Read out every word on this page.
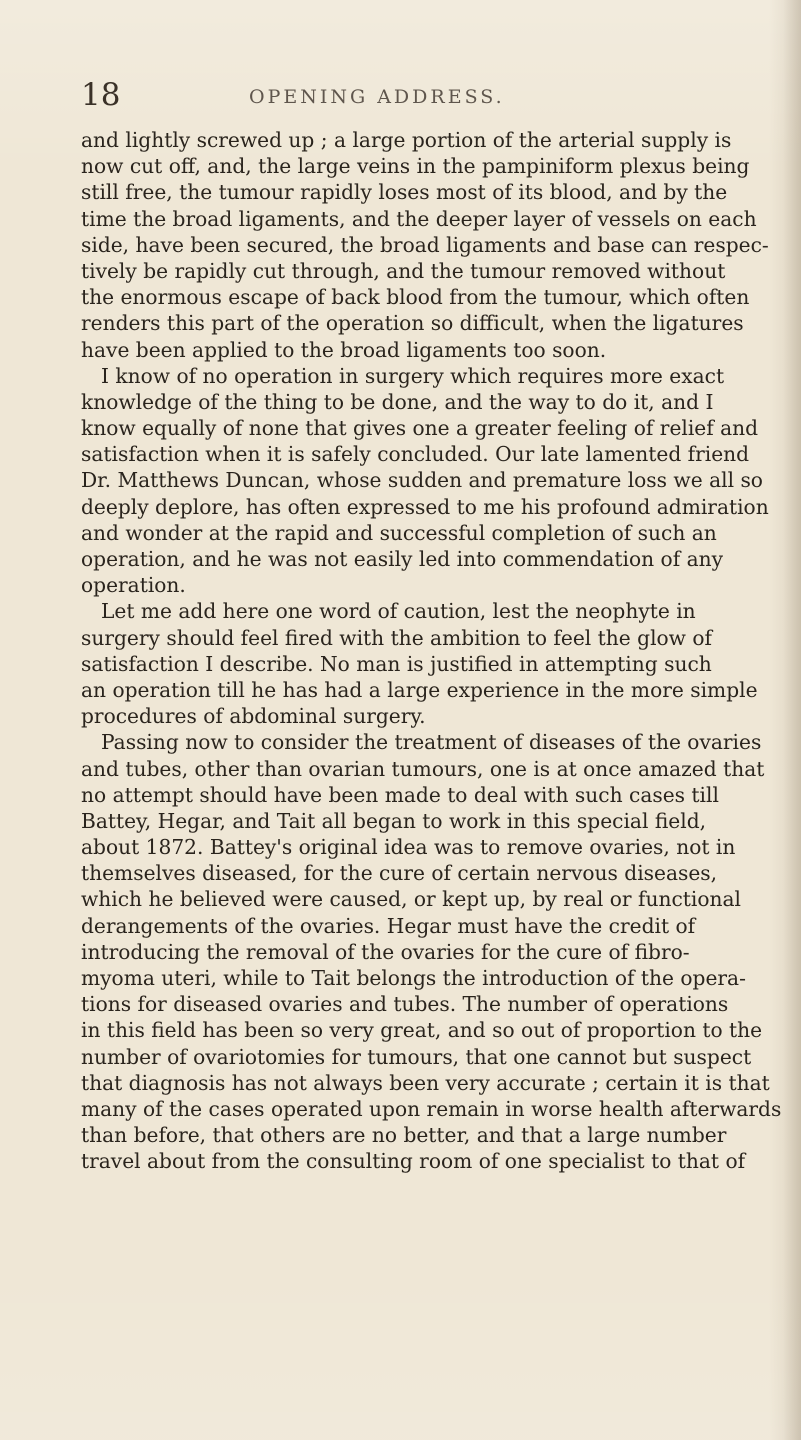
18	OPENING ADDRESS.
and lightly screwed up ; a large portion of the arterial supply is
now cut off, and, the large veins in the pampiniform plexus being
still free, the tumour rapidly loses most of its blood, and by the
time the broad ligaments, and the deeper layer of vessels on each
side, have been secured, the broad ligaments and base can respec-
tively be rapidly cut through, and the tumour removed without
the enormous escape of back blood from the tumour, which often
renders this part of the operation so difficult, when the ligatures
have been applied to the broad ligaments too soon.
I know of no operation in surgery which requires more exact
knowledge of the thing to be done, and the way to do it, and I
know equally of none that gives one a greater feeling of relief and
satisfaction when it is safely concluded. Our late lamented friend
Dr. Matthews Duncan, whose sudden and premature loss we all so
deeply deplore, has often expressed to me his profound admiration
and wonder at the rapid and successful completion of such an
operation, and he was not easily led into commendation of any
operation.
Let me add here one word of caution, lest the neophyte in
surgery should feel fired with the ambition to feel the glow of
satisfaction I describe. No man is justified in attempting such
an operation till he has had a large experience in the more simple
procedures of abdominal surgery.
Passing now to consider the treatment of diseases of the ovaries
and tubes, other than ovarian tumours, one is at once amazed that
no attempt should have been made to deal with such cases till
Battey, Hegar, and Tait all began to work in this special field,
about 1872. Battey's original idea was to remove ovaries, not in
themselves diseased, for the cure of certain nervous diseases,
which he believed were caused, or kept up, by real or functional
derangements of the ovaries. Hegar must have the credit of
introducing the removal of the ovaries for the cure of fibro-
myoma uteri, while to Tait belongs the introduction of the opera-
tions for diseased ovaries and tubes. The number of operations
in this field has been so very great, and so out of proportion to the
number of ovariotomies for tumours, that one cannot but suspect
that diagnosis has not always been very accurate ; certain it is that
many of the cases operated upon remain in worse health afterwards
than before, that others are no better, and that a large number
travel about from the consulting room of one specialist to that of
